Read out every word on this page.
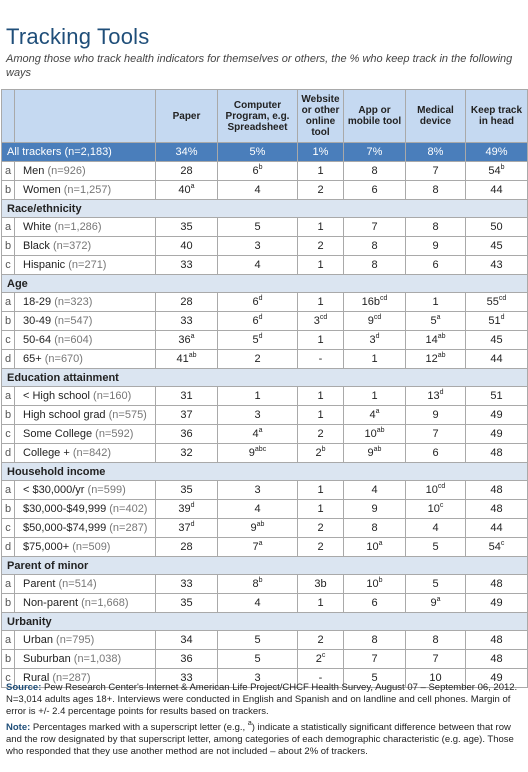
Tracking Tools
Among those who track health indicators for themselves or others, the % who keep track in the following ways
		Paper	Computer Program, e.g. Spreadsheet	Website or other online tool	App or mobile tool	Medical device	Keep track in head
All trackers (n=2,183)		34%	5%	1%	7%	8%	49%
a	Men (n=926)	28	6$^b$	1	8	7	54$^b$
b	Women (n=1,257)	40$^a$	4	2	6	8	44
Race/ethnicity							
a	White (n=1,286)	35	5	1	7	8	50
b	Black (n=372)	40	3	2	8	9	45
c	Hispanic (n=271)	33	4	1	8	6	43
Age							
a	18-29 (n=323)	28	6$^d$	1	$16b^{cd}$	1	$55^{cd}$
b	30-49 (n=547)	33	6$^d$	$3^{cd}$	$9^{cd}$	5$^a$	51$^d$
c	50-64 (n=604)	36$^a$	5$^d$	1	3$^d$	$14^{ab}$	45
d	65+ (n=670)	$41^{ab}$	2	-	1	$12^{ab}$	44
Education attainment							
a	< High school (n=160)	31	1	1	1	13$^d$	51
b	High school grad (n=575)	37	3	1	4$^a$	9	49
c	Some College (n=592)	36	4$^a$	2	$10^{ab}$	7	49
d	College + (n=842)	32	$9^{abc}$	2$^b$	$9^{ab}$	6	48
Household income							
a	< $30,000/yr (n=599)	35	3	1	4	$10^{cd}$	48
b	$30,000-$49,999 (n=402)	39$^d$	4	1	9	10$^c$	48
c	$50,000-$74,999 (n=287)	37$^d$	$9^{ab}$	2	8	4	44
d	$75,000+ (n=509)	28	7$^a$	2	10$^a$	5	54$^c$
Parent of minor							
a	Parent (n=514)	33	8$^b$	3b	10$^b$	5	48
b	Non-parent (n=1,668)	35	4	1	6	9$^a$	49
Urbanity							
a	Urban (n=795)	34	5	2	8	8	48
b	Suburban (n=1,038)	36	5	2$^c$	7	7	48
c	Rural (n=287)	33	3	-	5	10	49
Source: Pew Research Center's Internet & American Life Project/CHCF Health Survey, August 07 – September 06, 2012. N=3,014 adults ages 18+. Interviews were conducted in English and Spanish and on landline and cell phones. Margin of error is +/- 2.4 percentage points for results based on trackers.
Note: Percentages marked with a superscript letter (e.g., $^a$) indicate a statistically significant difference between that row and the row designated by that superscript letter, among categories of each demographic characteristic (e.g. age). Those who responded that they use another method are not included – about 2% of trackers.
